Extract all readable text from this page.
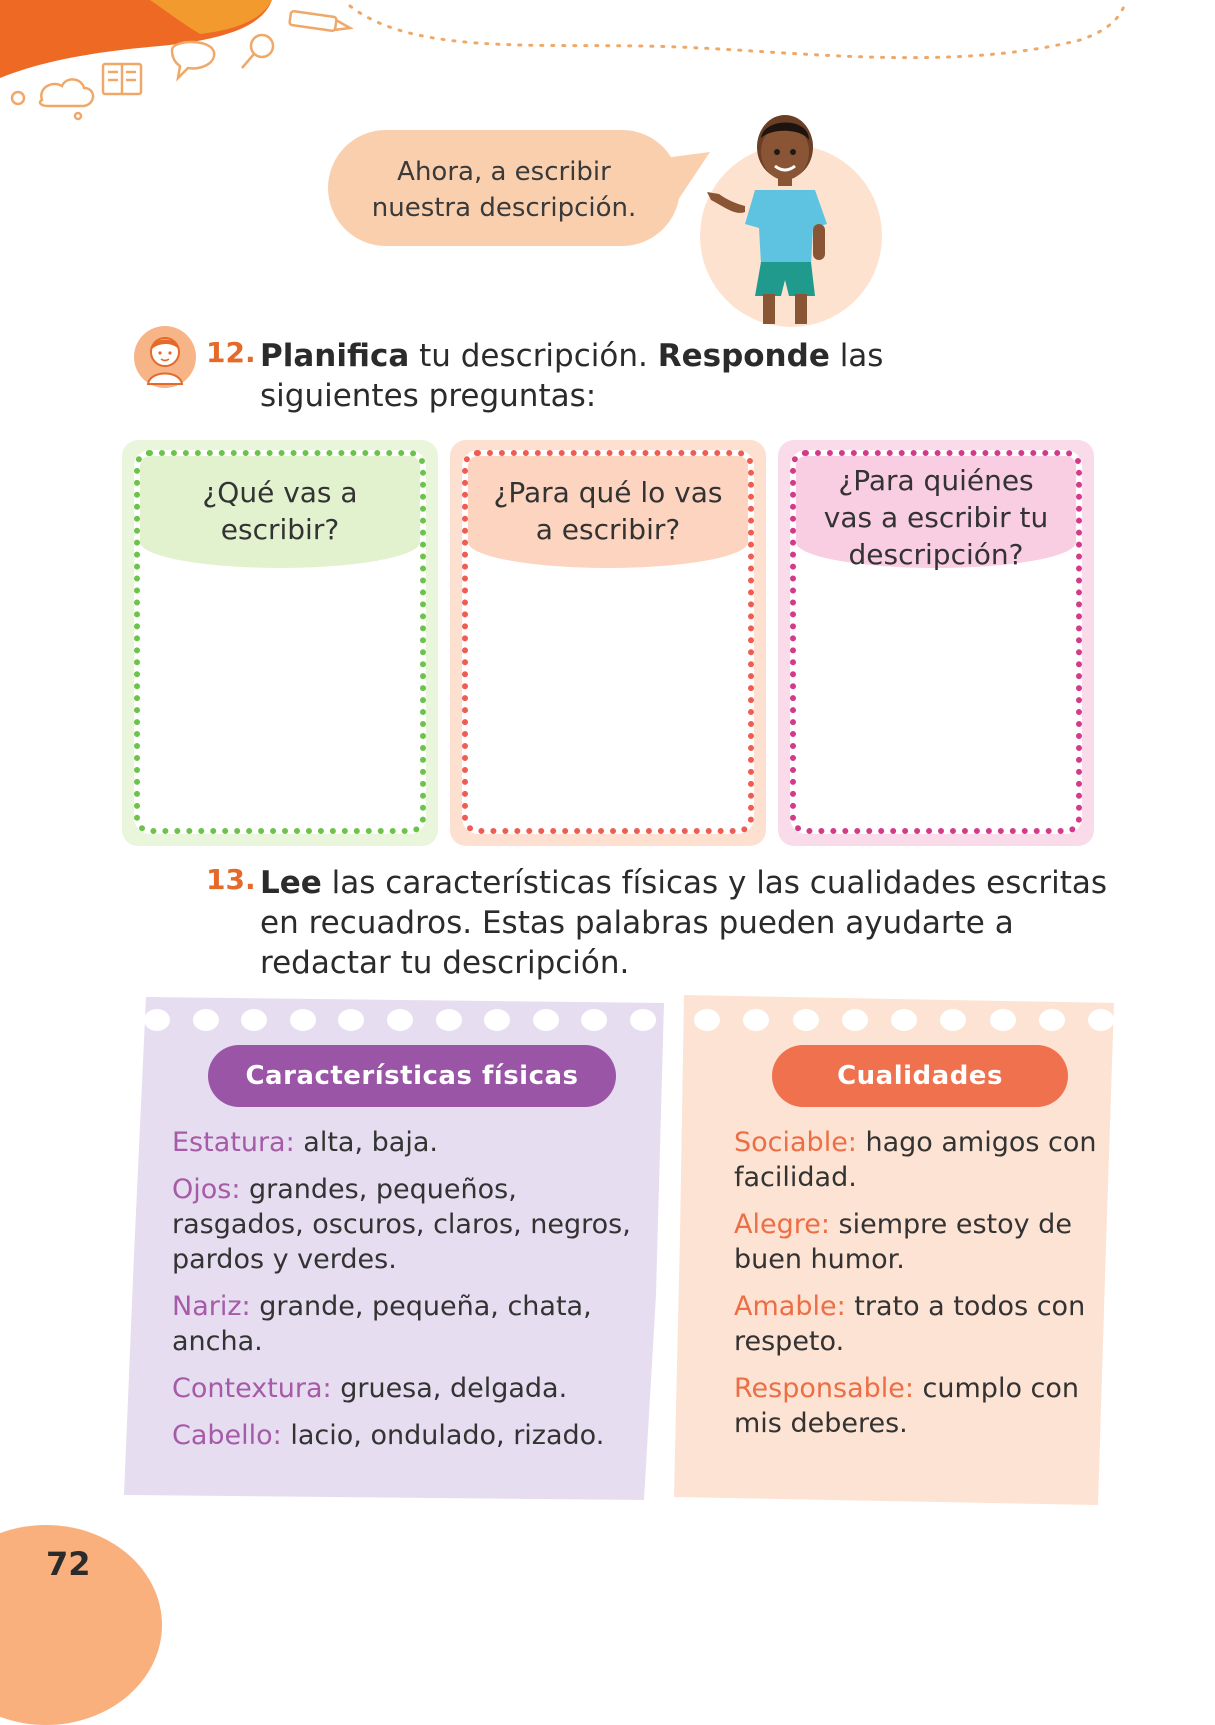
Ahora, a escribir
nuestra descripción.
12. Planifica tu descripción. Responde las
siguientes preguntas:
¿Qué vas a
escribir?
¿Para qué lo vas
a escribir?
¿Para quiénes
vas a escribir tu
descripción?
13. Lee las características físicas y las cualidades escritas
en recuadros. Estas palabras pueden ayudarte a
redactar tu descripción.
Características físicas
Estatura: alta, baja.
Ojos: grandes, pequeños, rasgados, oscuros, claros, negros, pardos y verdes.
Nariz: grande, pequeña, chata, ancha.
Contextura: gruesa, delgada.
Cabello: lacio, ondulado, rizado.
Cualidades
Sociable: hago amigos con facilidad.
Alegre: siempre estoy de buen humor.
Amable: trato a todos con respeto.
Responsable: cumplo con mis deberes.
72
